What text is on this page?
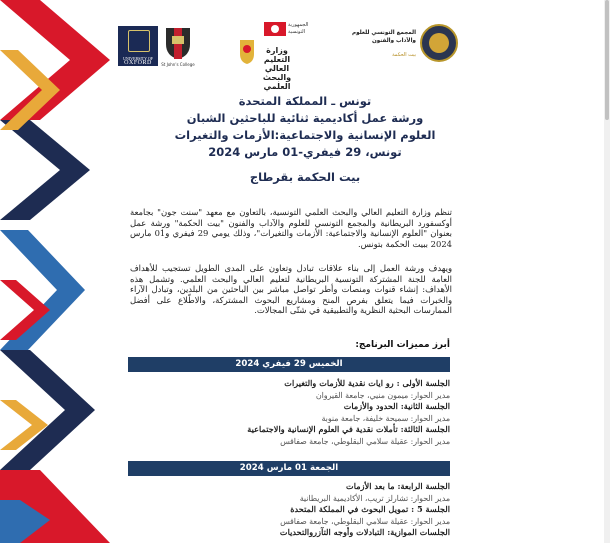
UNIVERSITY OF
OXFORD	St John's College
الجمهورية
التونسية
وزارة التعليم العالي والبحث العلمي
المجمع التونسي للعلوم
والآداب والفنون
بيت الحكمة
تونس ـ المملكة المتحدة
ورشة عمل أكاديمية ثنائية للباحثين الشبان
العلوم الإنسانية والاجتماعية:الأزمات والتغيرات
تونس، 29 فيفري-01 مارس 2024
بيت الحكمة بقرطاج
تنظم وزارة التعليم العالي والبحث العلمي التونسية، بالتعاون مع معهد "سنت جون" بجامعة أوكسفورد البريطانية والمجمع التونسي للعلوم والآداب والفنون "بيت الحكمة" ورشة عمل بعنوان "العلوم الإنسانية والاجتماعية: الأزمات والتغيرات"، وذلك يومي 29 فيفري و01 مارس 2024 ببيت الحكمة بتونس.
ويهدف ورشة العمل إلى بناء علاقات تبادل وتعاون على المدى الطويل تستجيب للأهداف العامة للجنة المشتركة التونسية البريطانية لتعليم العالي والبحث العلمي. وتشمل هذه الأهداف: إنشاء قنوات ومنصات وأطر تواصل مباشر بين الباحثين من البلدين، وتبادل الآراء والخبرات فيما يتعلق بفرص المنح ومشاريع البحوث المشتركة، والاطّلاع على أفضل الممارسات البحثية النظرية والتطبيقية في شتّى المجالات.
أبرز مميزات البرنامج:
الخميس 29 فيفري 2024
الجلسة الأولى : رو ايات نقدية للأزمات والتغيرات
مدير الحوار: ميمون منيي، جامعة القيروان
الجلسة الثانية: الحدود والأزمات
مدير الحوار: سميحة خليفة، جامعة منوبة
الجلسة الثالثة: تأملات نقدية في العلوم الإنسانية والاجتماعية
مدير الحوار: عقيلة سلامي البقلوطي، جامعة صفاقس
الجمعة 01 مارس 2024
الجلسة الرابعة: ما بعد الأزمات
مدير الحوار: تشارلز تريب، الأكاديمية البريطانية
الجلسة 5 : تمويل البحوث في المملكة المتحدة
مدير الحوار: عقيلة سلامي البقلوطي، جامعة صفاقس
الجلسات الموازية: التبادلات وأوجه التآزروالتحديات
